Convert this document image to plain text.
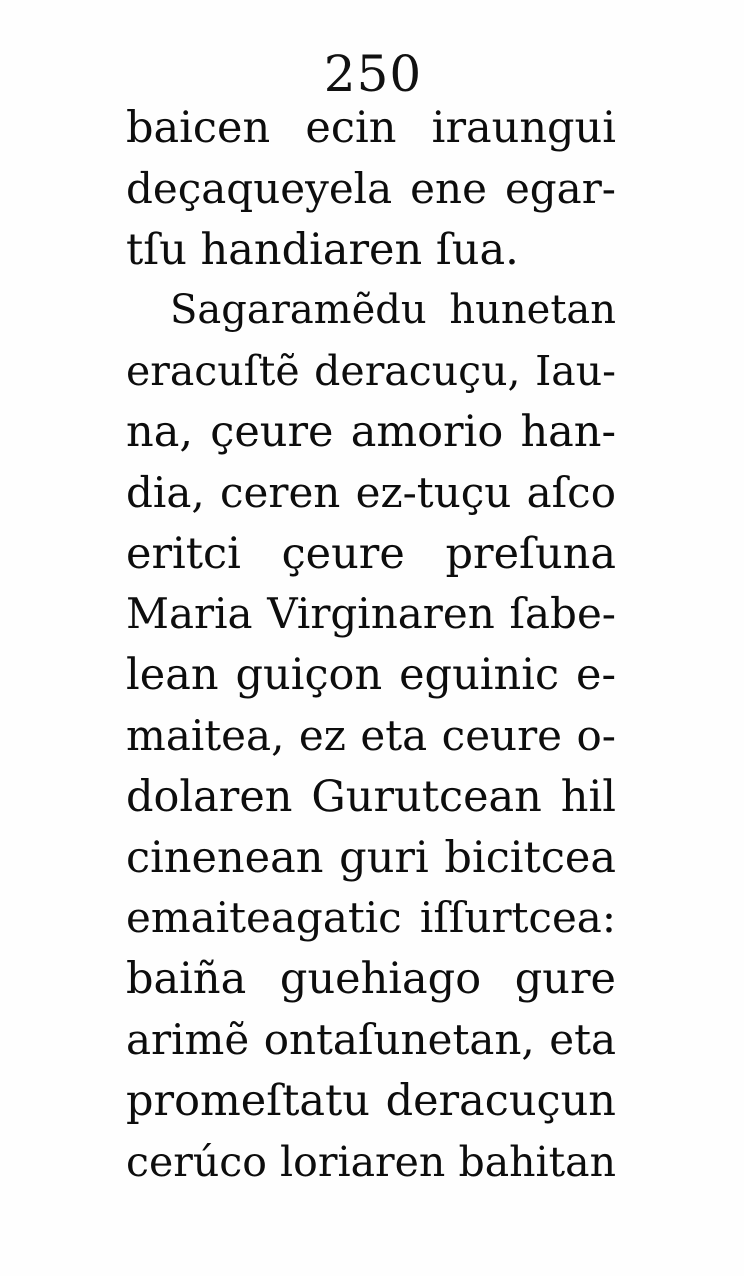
250
baicen ecin iraungui
deçaqueyela ene egar-
tſu handiaren ſua.
Sagaramẽdu hunetan
eracuſtẽ deracuçu, Iau-
na, çeure amorio han-
dia, ceren ez-tuçu aſco
eritci çeure preſuna
Maria Virginaren ſabe-
lean guiçon eguinic e-
maitea, ez eta ceure o-
dolaren Gurutcean hil
cinenean guri bicitcea
emaiteagatic iſſurtcea:
baiña guehiago gure
arimẽ ontaſunetan, eta
promeſtatu deracuçun
cerúco loriaren bahitan
